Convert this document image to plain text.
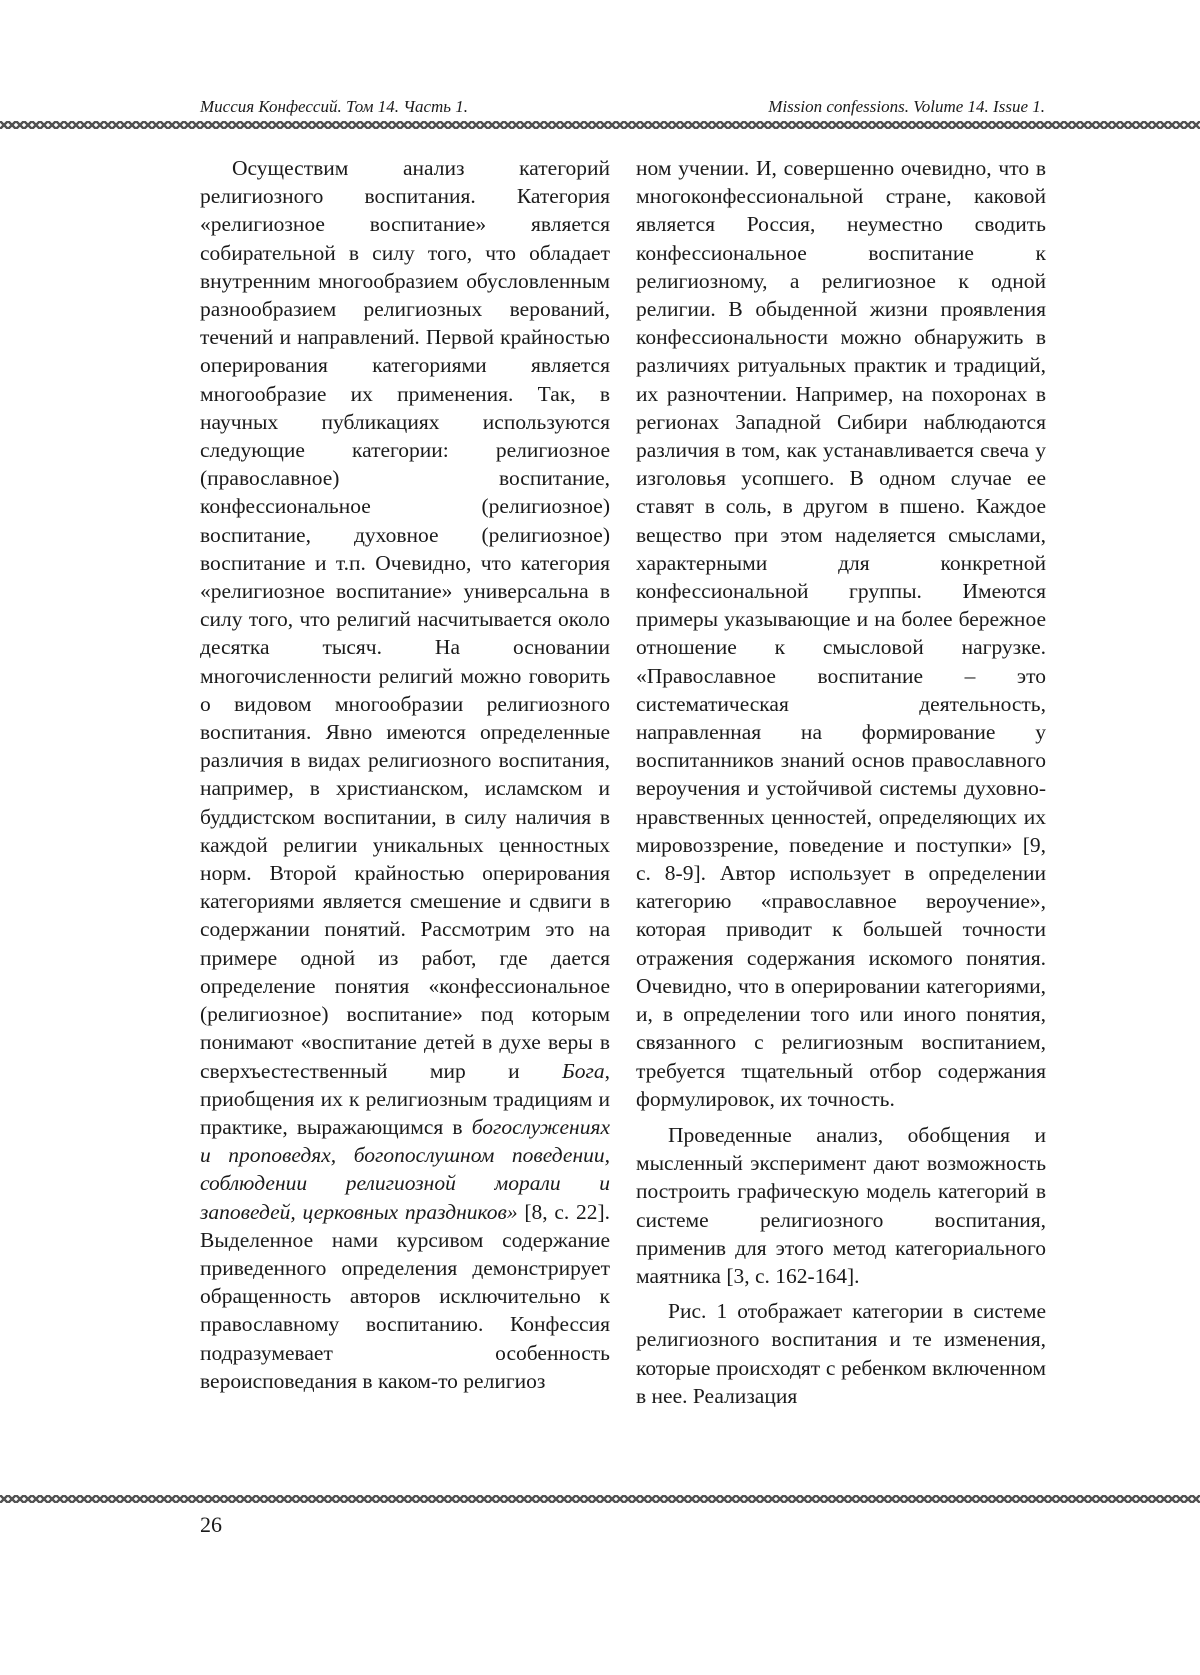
Миссия Конфессий. Том 14. Часть 1.	Mission confessions. Volume 14. Issue 1.

Осуществим анализ категорий религиозного воспитания. Категория «религиозное воспитание» является собирательной в силу того, что обладает внутренним многообразием обусловленным разнообразием религиозных верований, течений и направлений. Первой крайностью оперирования категориями является многообразие их применения. Так, в научных публикациях используются следующие категории: религиозное (православное) воспитание, конфессиональное (религиозное) воспитание, духовное (религиозное) воспитание и т.п. Очевидно, что категория «религиозное воспитание» универсальна в силу того, что религий насчитывается около десятка тысяч. На основании многочисленности религий можно говорить о видовом многообразии религиозного воспитания. Явно имеются определенные различия в видах религиозного воспитания, например, в христианском, исламском и буддистском воспитании, в силу наличия в каждой религии уникальных ценностных норм. Второй крайностью оперирования категориями является смешение и сдвиги в содержании понятий. Рассмотрим это на примере одной из работ, где дается определение понятия «конфессиональное (религиозное) воспитание» под которым понимают «воспитание детей в духе веры в сверхъестественный мир и Бога, приобщения их к религиозным традициям и практике, выражающимся в богослужениях и проповедях, богопослушном поведении, соблюдении религиозной морали и заповедей, церковных праздников» [8, с. 22]. Выделенное нами курсивом содержание приведенного определения демонстрирует обращенность авторов исключительно к православному воспитанию. Конфессия подразумевает особенность вероисповедания в каком-то религиоз

ном учении. И, совершенно очевидно, что в многоконфессиональной стране, каковой является Россия, неуместно сводить конфессиональное воспитание к религиозному, а религиозное к одной религии. В обыденной жизни проявления конфессиональности можно обнаружить в различиях ритуальных практик и традиций, их разночтении. Например, на похоронах в регионах Западной Сибири наблюдаются различия в том, как устанавливается свеча у изголовья усопшего. В одном случае ее ставят в соль, в другом в пшено. Каждое вещество при этом наделяется смыслами, характерными для конкретной конфессиональной группы. Имеются примеры указывающие и на более бережное отношение к смысловой нагрузке. «Православное воспитание – это систематическая деятельность, направленная на формирование у воспитанников знаний основ православного вероучения и устойчивой системы духовно-нравственных ценностей, определяющих их мировоззрение, поведение и поступки» [9, с. 8-9]. Автор использует в определении категорию «православное вероучение», которая приводит к большей точности отражения содержания искомого понятия. Очевидно, что в оперировании категориями, и, в определении того или иного понятия, связанного с религиозным воспитанием, требуется тщательный отбор содержания формулировок, их точность.

Проведенные анализ, обобщения и мысленный эксперимент дают возможность построить графическую модель категорий в системе религиозного воспитания, применив для этого метод категориального маятника [3, с. 162-164].

Рис. 1 отображает категории в системе религиозного воспитания и те изменения, которые происходят с ребенком включенном в нее. Реализация

26
